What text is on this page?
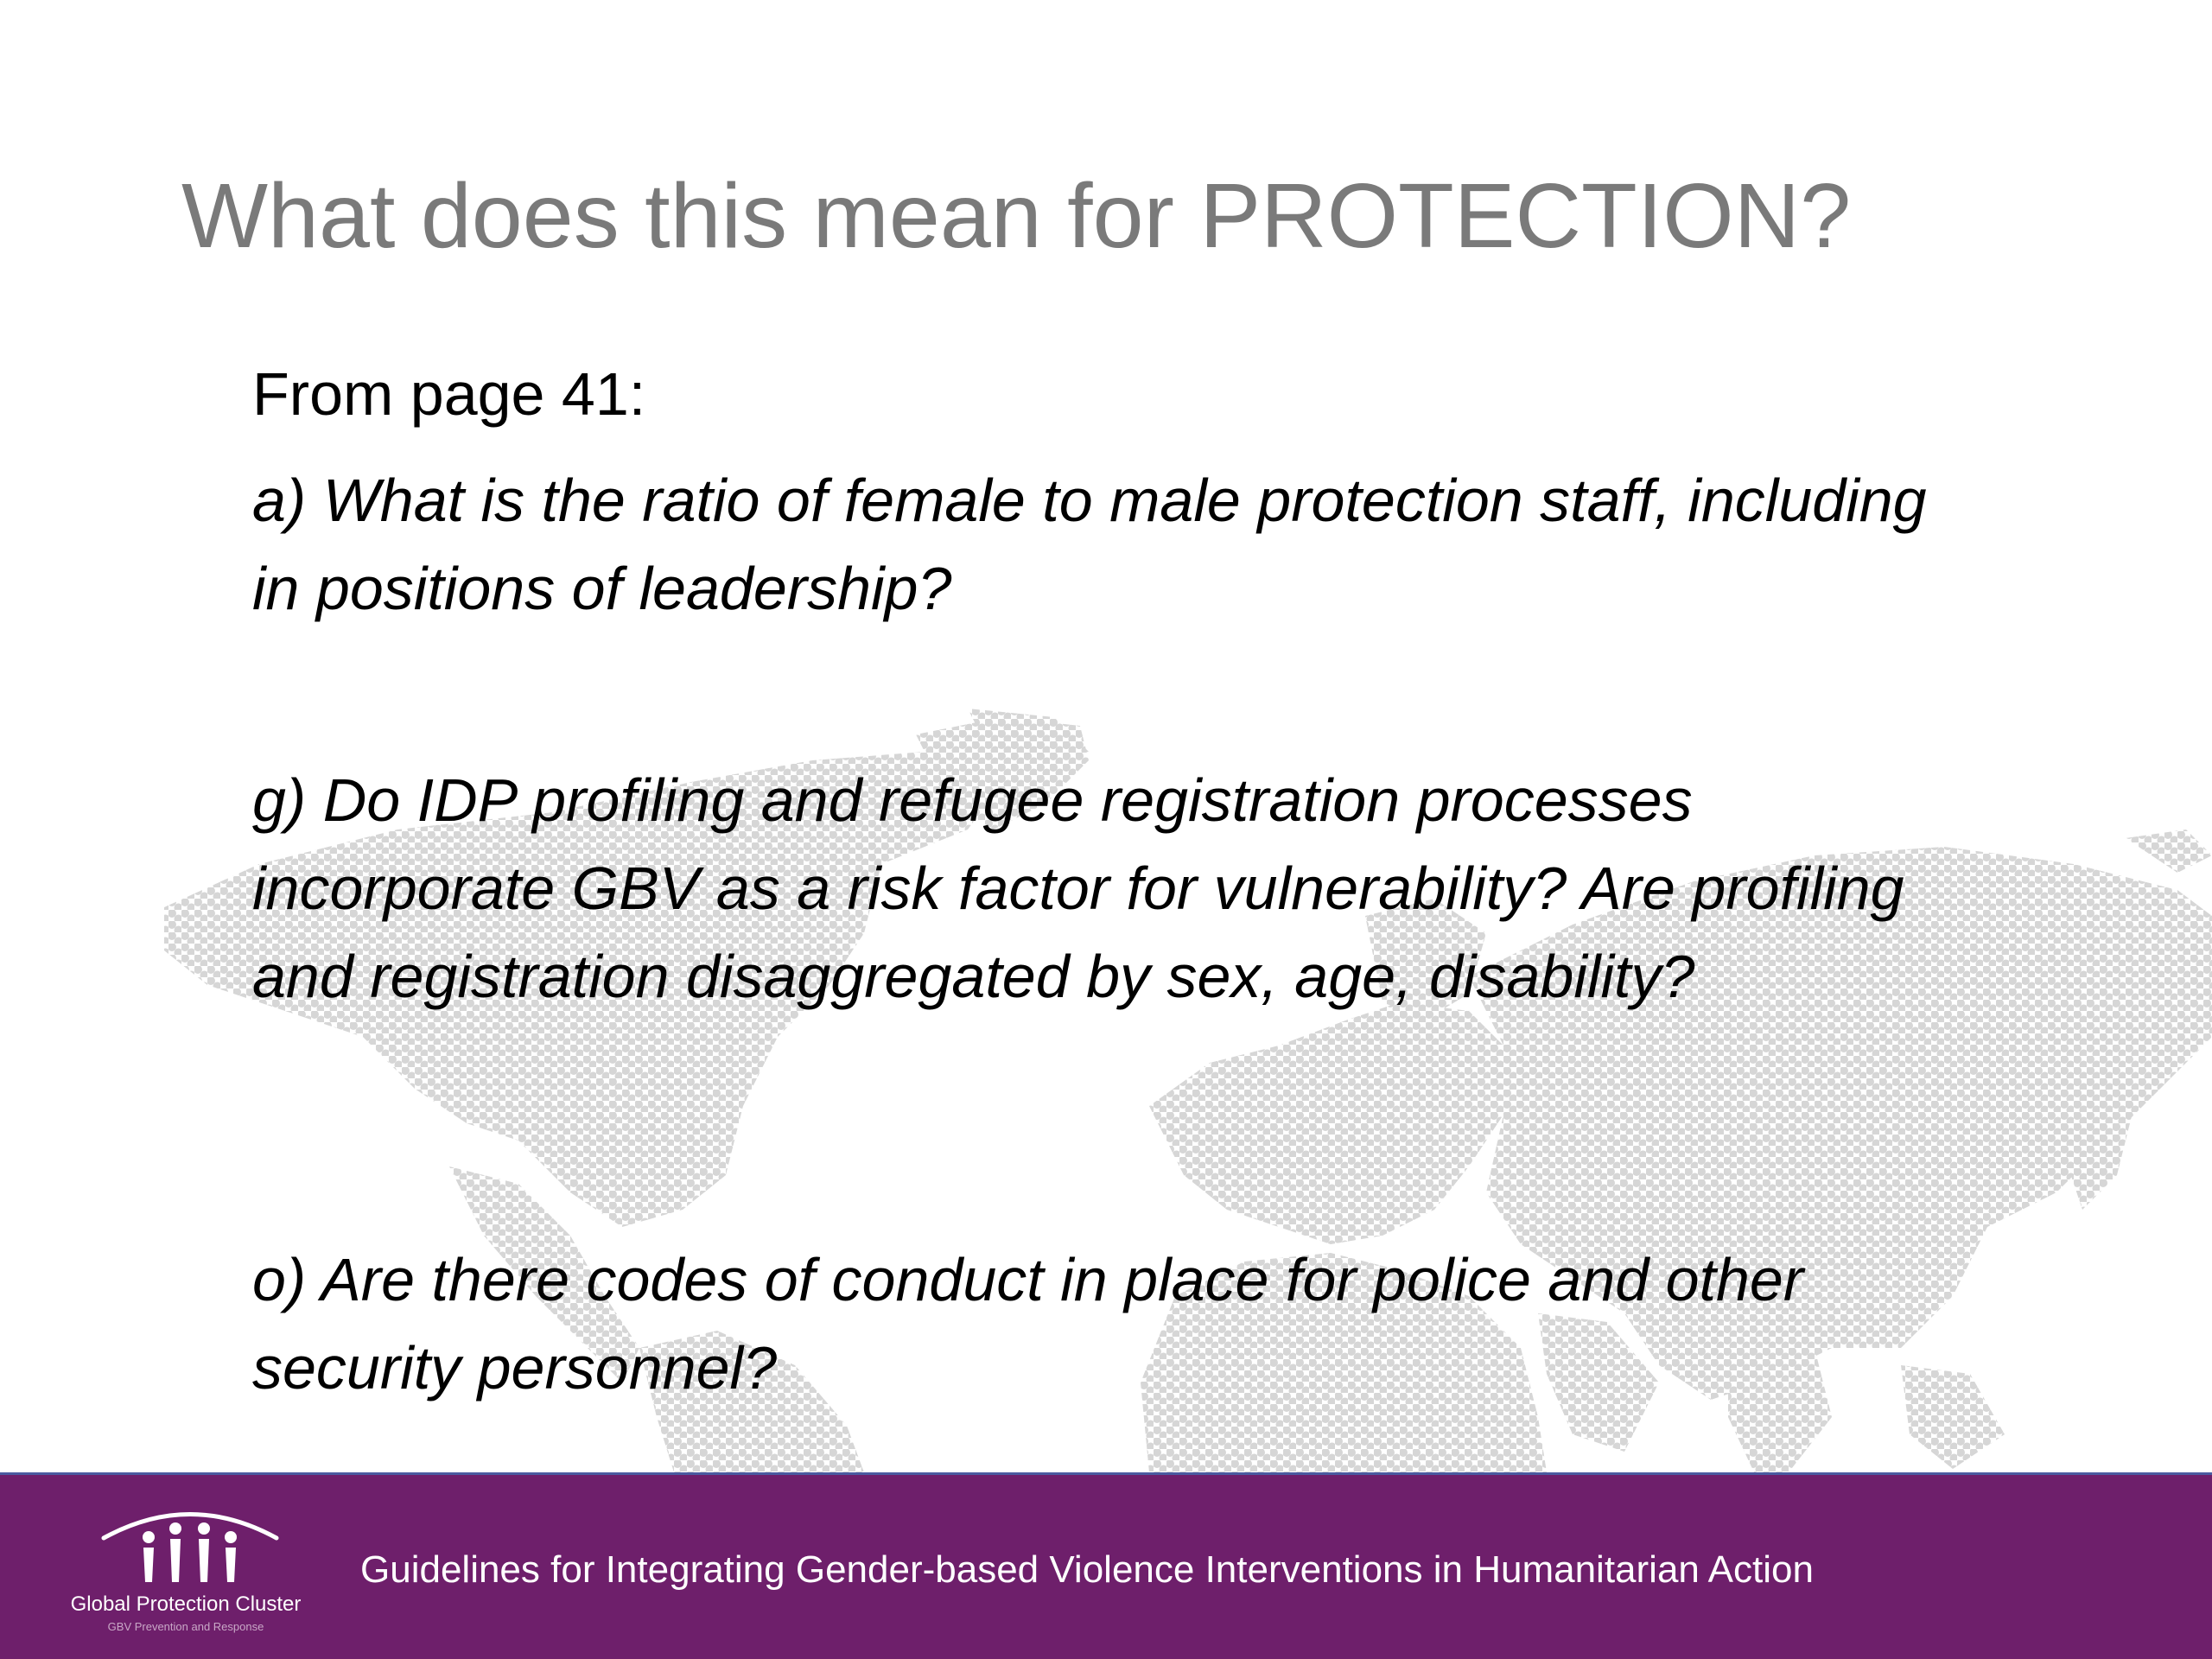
What does this mean for PROTECTION?

From page 41:

a) What is the ratio of female to male protection staff, including in positions of leadership?

g) Do IDP profiling and refugee registration processes incorporate GBV as a risk factor for vulnerability? Are profiling and registration disaggregated by sex, age, disability?

o) Are there codes of conduct in place for police and other security personnel?

Global Protection Cluster
GBV Prevention and Response
Guidelines for Integrating Gender-based Violence Interventions in Humanitarian Action
